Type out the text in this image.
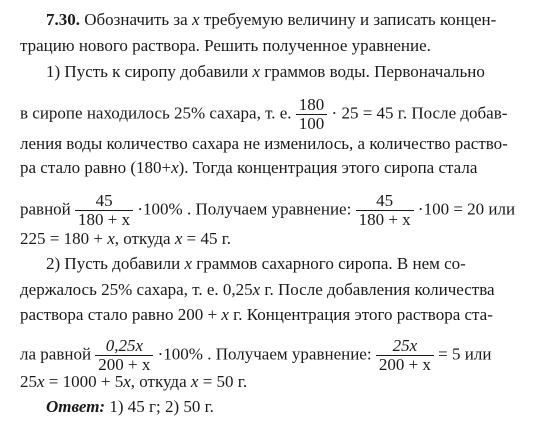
7.30. Обозначить за x требуемую величину и записать концен-
трацию нового раствора. Решить полученное уравнение.
1) Пусть к сиропу добавили x граммов воды. Первоначально
в сиропе находилось 25% сахара, т. е. $\frac{180}{100} \cdot 25 = 45$ г. После добав-
ления воды количество сахара не изменилось, а количество раство-
ра стало равно (180+x). Тогда концентрация этого сиропа стала
равной $\frac{45}{180 + x} \cdot 100\%$ . Получаем уравнение: $\frac{45}{180 + x} \cdot 100 = 20$ или
225 = 180 + x, откуда x = 45 г.
2) Пусть добавили x граммов сахарного сиропа. В нем со-
держалось 25% сахара, т. е. 0,25x г. После добавления количества
раствора стало равно 200 + x г. Концентрация этого раствора ста-
ла равной $\frac{0,25x}{200 + x} \cdot 100\%$ . Получаем уравнение: $\frac{25x}{200 + x} = 5$ или
25x = 1000 + 5x, откуда x = 50 г.
Ответ: 1) 45 г; 2) 50 г.
